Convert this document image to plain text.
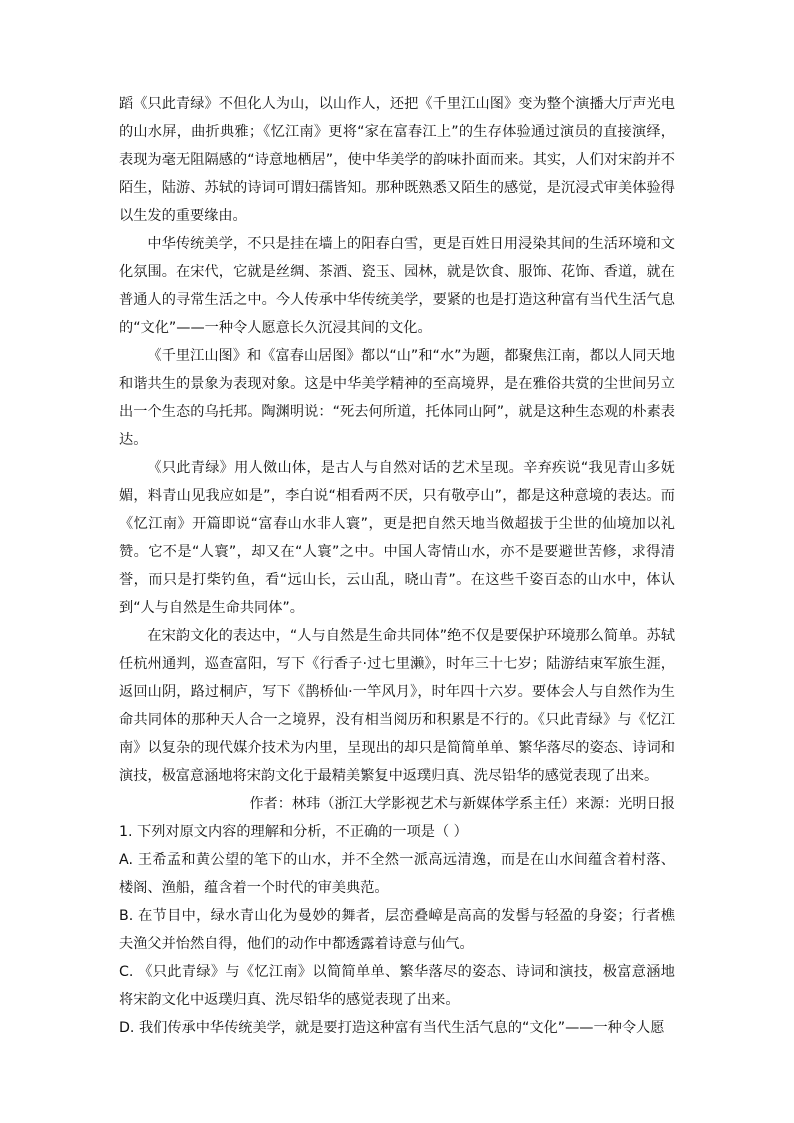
蹈《只此青绿》不但化人为山，以山作人，还把《千里江山图》变为整个演播大厅声光电的山水屏，曲折典雅；《忆江南》更将“家在富春江上”的生存体验通过演员的直接演绎，表现为毫无阻隔感的“诗意地栖居”，使中华美学的韵味扑面而来。其实，人们对宋韵并不陌生，陆游、苏轼的诗词可谓妇孺皆知。那种既熟悉又陌生的感觉，是沉浸式审美体验得以生发的重要缘由。

中华传统美学，不只是挂在墙上的阳春白雪，更是百姓日用浸染其间的生活环境和文化氛围。在宋代，它就是丝绸、茶酒、瓷玉、园林，就是饮食、服饰、花饰、香道，就在普通人的寻常生活之中。今人传承中华传统美学，要紧的也是打造这种富有当代生活气息的“文化”——一种令人愿意长久沉浸其间的文化。

《千里江山图》和《富春山居图》都以“山”和“水”为题，都聚焦江南，都以人同天地和谐共生的景象为表现对象。这是中华美学精神的至高境界，是在雅俗共赏的尘世间另立出一个生态的乌托邦。陶渊明说：“死去何所道，托体同山阿”，就是这种生态观的朴素表达。

《只此青绿》用人傚山体，是古人与自然对话的艺术呈现。辛弃疾说“我见青山多妩媚，料青山见我应如是”，李白说“相看两不厌，只有敬亭山”，都是这种意境的表达。而《忆江南》开篇即说“富春山水非人寰”，更是把自然天地当傚超拔于尘世的仙境加以礼赞。它不是“人寰”，却又在“人寰”之中。中国人寄情山水，亦不是要避世苦修，求得清誉，而只是打柴钓鱼，看“远山长，云山乱，晓山青”。在这些千姿百态的山水中，体认到“人与自然是生命共同体”。

在宋韵文化的表达中，“人与自然是生命共同体”绝不仅是要保护环境那么简单。苏轼任杭州通判，巡查富阳，写下《行香子·过七里濑》，时年三十七岁；陆游结束军旅生涯，返回山阴，路过桐庐，写下《鹊桥仙·一竿风月》，时年四十六岁。要体会人与自然作为生命共同体的那种天人合一之境界，没有相当阅历和积累是不行的。《只此青绿》与《忆江南》以复杂的现代媒介技术为内里，呈现出的却只是简简单单、繁华落尽的姿态、诗词和演技，极富意涵地将宋韵文化于最精美繁复中返璞归真、洗尽铅华的感觉表现了出来。

作者：林玮（浙江大学影视艺术与新媒体学系主任）来源：光明日报

1. 下列对原文内容的理解和分析，不正确的一项是（ ）

A. 王希孟和黄公望的笔下的山水，并不全然一派高远清逸，而是在山水间蕴含着村落、楼阁、渔船，蕴含着一个时代的审美典范。

B. 在节目中，绿水青山化为曼妙的舞者，层峦叠嶂是高高的发髻与轻盈的身姿；行者樵夫渔父并怡然自得，他们的动作中都透露着诗意与仙气。

C. 《只此青绿》与《忆江南》以简简单单、繁华落尽的姿态、诗词和演技，极富意涵地将宋韵文化中返璞归真、洗尽铅华的感觉表现了出来。

D. 我们传承中华传统美学，就是要打造这种富有当代生活气息的“文化”——一种令人愿
